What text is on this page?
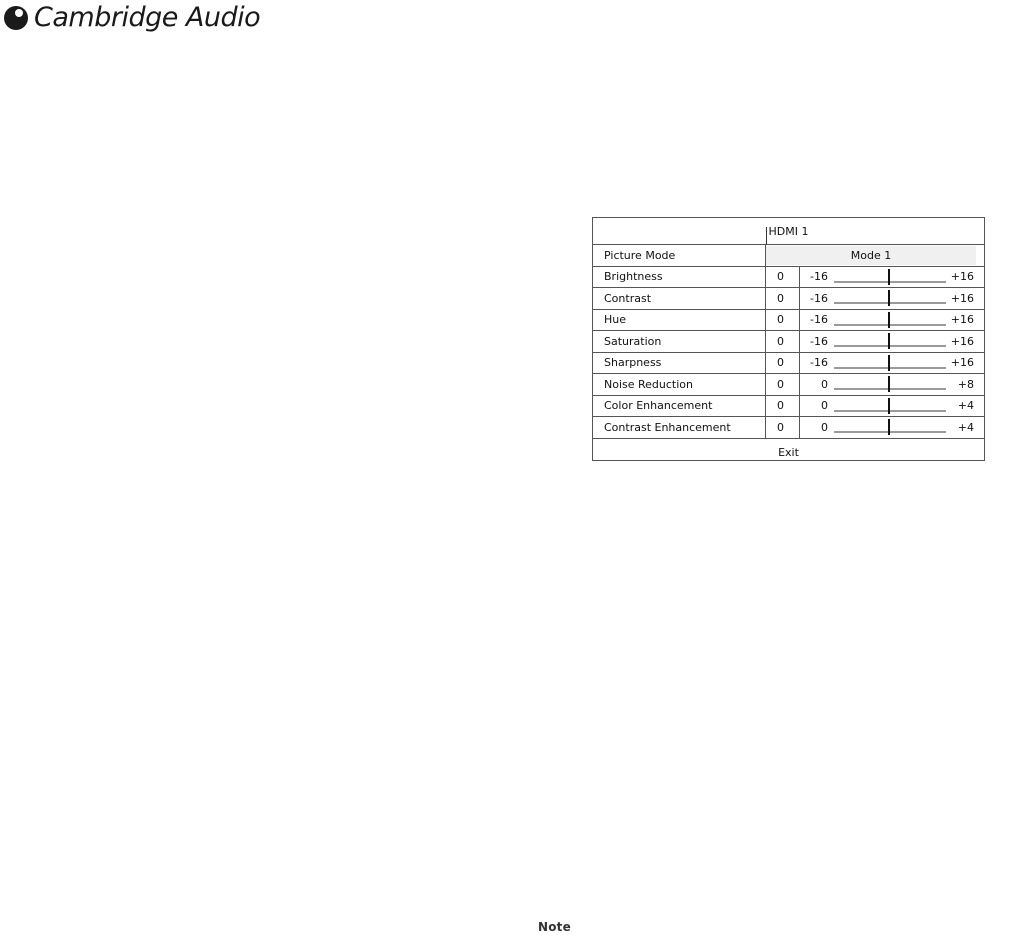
Cambridge Audio
HDMI 1
Picture Mode	Mode 1
Brightness	0	-16	+16
Contrast	0	-16	+16
Hue	0	-16	+16
Saturation	0	-16	+16
Sharpness	0	-16	+16
Noise Reduction	0	0	+8
Color Enhancement	0	0	+4
Contrast Enhancement	0	0	+4
Exit
Note
